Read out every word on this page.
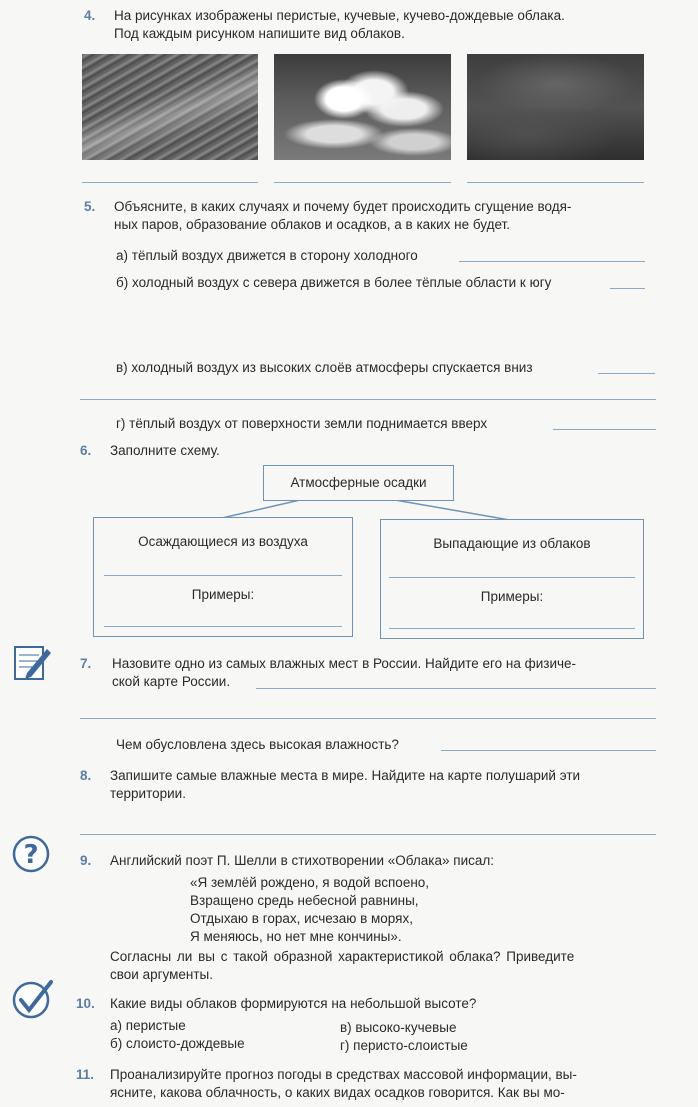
4. На рисунках изображены перистые, кучевые, кучево-дождевые облака.
Под каждым рисунком напишите вид облаков.
5. Объясните, в каких случаях и почему будет происходить сгущение водя-
ных паров, образование облаков и осадков, а в каких не будет.
а) тёплый воздух движется в сторону холодного
б) холодный воздух с севера движется в более тёплые области к югу
в) холодный воздух из высоких слоёв атмосферы спускается вниз
г) тёплый воздух от поверхности земли поднимается вверх
6. Заполните схему.
Атмосферные осадки
Осаждающиеся из воздуха
Примеры:
Выпадающие из облаков
Примеры:
7. Назовите одно из самых влажных мест в России. Найдите его на физиче-
ской карте России.
Чем обусловлена здесь высокая влажность?
8. Запишите самые влажные места в мире. Найдите на карте полушарий эти
территории.
?	9. Английский поэт П. Шелли в стихотворении «Облака» писал:
«Я землёй рождено, я водой вспоено,
Взращено средь небесной равнины,
Отдыхаю в горах, исчезаю в морях,
Я меняюсь, но нет мне кончины».
Согласны ли вы с такой образной характеристикой облака? Приведите
свои аргументы.
10. Какие виды облаков формируются на небольшой высоте?
а) перистые	в) высоко-кучевые
б) слоисто-дождевые	г) перисто-слоистые
11. Проанализируйте прогноз погоды в средствах массовой информации, вы-
ясните, какова облачность, о каких видах осадков говорится. Как вы мо-
